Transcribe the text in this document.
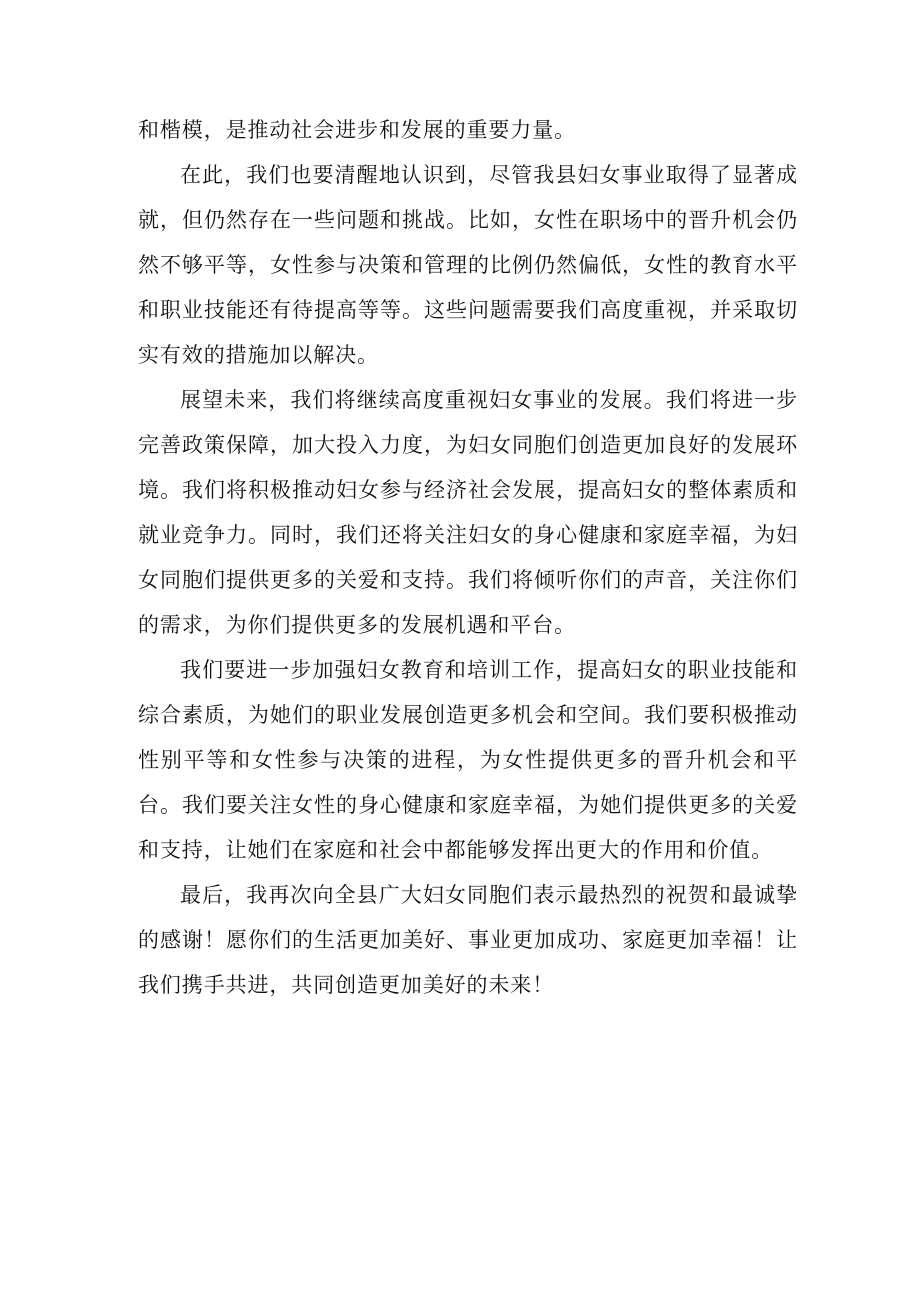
和楷模，是推动社会进步和发展的重要力量。

在此，我们也要清醒地认识到，尽管我县妇女事业取得了显著成就，但仍然存在一些问题和挑战。比如，女性在职场中的晋升机会仍然不够平等，女性参与决策和管理的比例仍然偏低，女性的教育水平和职业技能还有待提高等等。这些问题需要我们高度重视，并采取切实有效的措施加以解决。

展望未来，我们将继续高度重视妇女事业的发展。我们将进一步完善政策保障，加大投入力度，为妇女同胞们创造更加良好的发展环境。我们将积极推动妇女参与经济社会发展，提高妇女的整体素质和就业竞争力。同时，我们还将关注妇女的身心健康和家庭幸福，为妇女同胞们提供更多的关爱和支持。我们将倾听你们的声音，关注你们的需求，为你们提供更多的发展机遇和平台。

我们要进一步加强妇女教育和培训工作，提高妇女的职业技能和综合素质，为她们的职业发展创造更多机会和空间。我们要积极推动性别平等和女性参与决策的进程，为女性提供更多的晋升机会和平台。我们要关注女性的身心健康和家庭幸福，为她们提供更多的关爱和支持，让她们在家庭和社会中都能够发挥出更大的作用和价值。

最后，我再次向全县广大妇女同胞们表示最热烈的祝贺和最诚挚的感谢！愿你们的生活更加美好、事业更加成功、家庭更加幸福！让我们携手共进，共同创造更加美好的未来！
